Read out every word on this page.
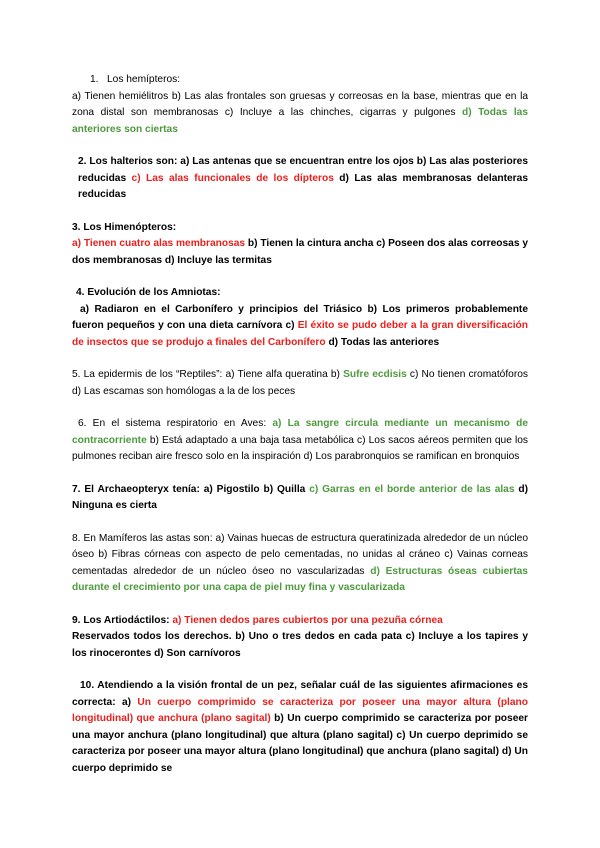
1. Los hemípteros:

a) Tienen hemiélitros b) Las alas frontales son gruesas y correosas en la base, mientras que en la zona distal son membranosas c) Incluye a las chinches, cigarras y pulgones d) Todas las anteriores son ciertas

2. Los halterios son: a) Las antenas que se encuentran entre los ojos b) Las alas posteriores reducidas c) Las alas funcionales de los dípteros d) Las alas membranosas delanteras reducidas

3. Los Himenópteros:

a) Tienen cuatro alas membranosas b) Tienen la cintura ancha c) Poseen dos alas correosas y dos membranosas d) Incluye las termitas

4. Evolución de los Amniotas:

a) Radiaron en el Carbonífero y principios del Triásico b) Los primeros probablemente fueron pequeños y con una dieta carnívora c) El éxito se pudo deber a la gran diversificación de insectos que se produjo a finales del Carbonífero d) Todas las anteriores

5. La epidermis de los “Reptiles”: a) Tiene alfa queratina b) Sufre ecdisis c) No tienen cromatóforos d) Las escamas son homólogas a la de los peces

6. En el sistema respiratorio en Aves: a) La sangre circula mediante un mecanismo de contracorriente b) Está adaptado a una baja tasa metabólica c) Los sacos aéreos permiten que los pulmones reciban aire fresco solo en la inspiración d) Los parabronquios se ramifican en bronquios

7. El Archaeopteryx tenía: a) Pigostilo b) Quilla c) Garras en el borde anterior de las alas d) Ninguna es cierta

8. En Mamíferos las astas son: a) Vainas huecas de estructura queratinizada alrededor de un núcleo óseo b) Fibras córneas con aspecto de pelo cementadas, no unidas al cráneo c) Vainas corneas cementadas alrededor de un núcleo óseo no vascularizadas d) Estructuras óseas cubiertas durante el crecimiento por una capa de piel muy fina y vascularizada

9. Los Artiodáctilos: a) Tienen dedos pares cubiertos por una pezuña córnea

Reservados todos los derechos. b) Uno o tres dedos en cada pata c) Incluye a los tapires y los rinocerontes d) Son carnívoros

10. Atendiendo a la visión frontal de un pez, señalar cuál de las siguientes afirmaciones es correcta: a) Un cuerpo comprimido se caracteriza por poseer una mayor altura (plano longitudinal) que anchura (plano sagital) b) Un cuerpo comprimido se caracteriza por poseer una mayor anchura (plano longitudinal) que altura (plano sagital) c) Un cuerpo deprimido se caracteriza por poseer una mayor altura (plano longitudinal) que anchura (plano sagital) d) Un cuerpo deprimido se
